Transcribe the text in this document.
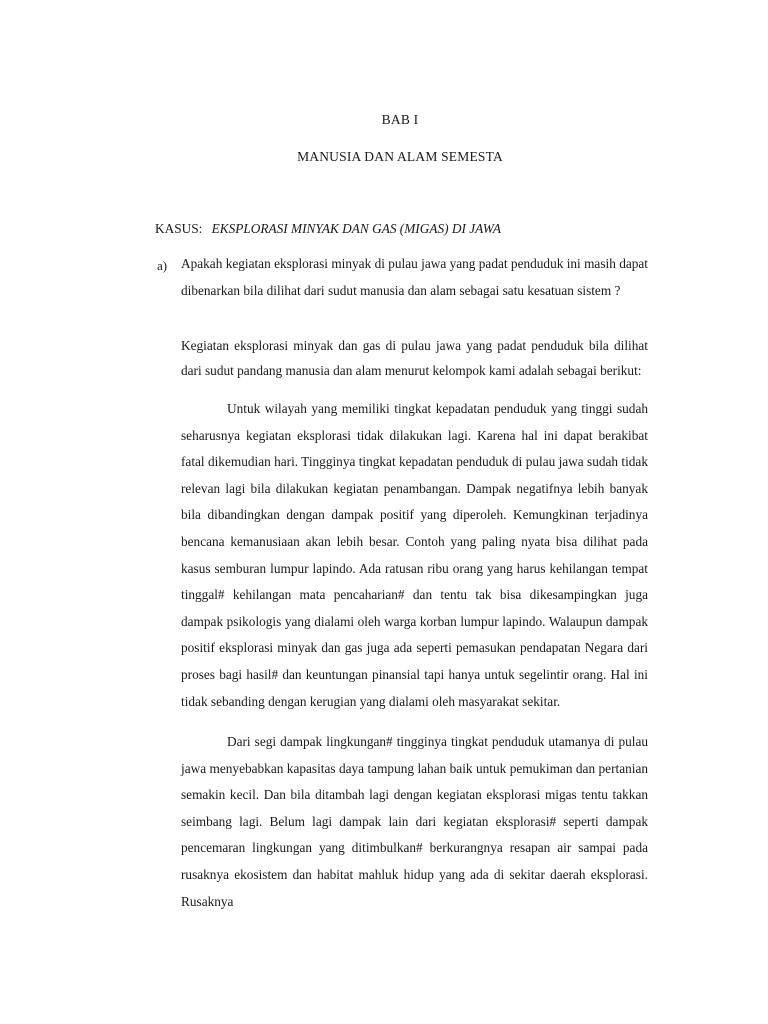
BAB I
MANUSIA DAN ALAM SEMESTA
KASUS: EKSPLORASI MINYAK DAN GAS (MIGAS) DI JAWA
a) Apakah kegiatan eksplorasi minyak di pulau jawa yang padat penduduk ini masih dapat dibenarkan bila dilihat dari sudut manusia dan alam sebagai satu kesatuan sistem ?

Kegiatan eksplorasi minyak dan gas di pulau jawa yang padat penduduk bila dilihat dari sudut pandang manusia dan alam menurut kelompok kami adalah sebagai berikut:

Untuk wilayah yang memiliki tingkat kepadatan penduduk yang tinggi sudah seharusnya kegiatan eksplorasi tidak dilakukan lagi. Karena hal ini dapat berakibat fatal dikemudian hari. Tingginya tingkat kepadatan penduduk di pulau jawa sudah tidak relevan lagi bila dilakukan kegiatan penambangan. Dampak negatifnya lebih banyak bila dibandingkan dengan dampak positif yang diperoleh. Kemungkinan terjadinya bencana kemanusiaan akan lebih besar. Contoh yang paling nyata bisa dilihat pada kasus semburan lumpur lapindo. Ada ratusan ribu orang yang harus kehilangan tempat tinggal# kehilangan mata pencaharian# dan tentu tak bisa dikesampingkan juga dampak psikologis yang dialami oleh warga korban lumpur lapindo. Walaupun dampak positif eksplorasi minyak dan gas juga ada seperti pemasukan pendapatan Negara dari proses bagi hasil# dan keuntungan pinansial tapi hanya untuk segelintir orang. Hal ini tidak sebanding dengan kerugian yang dialami oleh masyarakat sekitar.

Dari segi dampak lingkungan# tingginya tingkat penduduk utamanya di pulau jawa menyebabkan kapasitas daya tampung lahan baik untuk pemukiman dan pertanian semakin kecil. Dan bila ditambah lagi dengan kegiatan eksplorasi migas tentu takkan seimbang lagi. Belum lagi dampak lain dari kegiatan eksplorasi# seperti dampak pencemaran lingkungan yang ditimbulkan# berkurangnya resapan air sampai pada rusaknya ekosistem dan habitat mahluk hidup yang ada di sekitar daerah eksplorasi. Rusaknya
